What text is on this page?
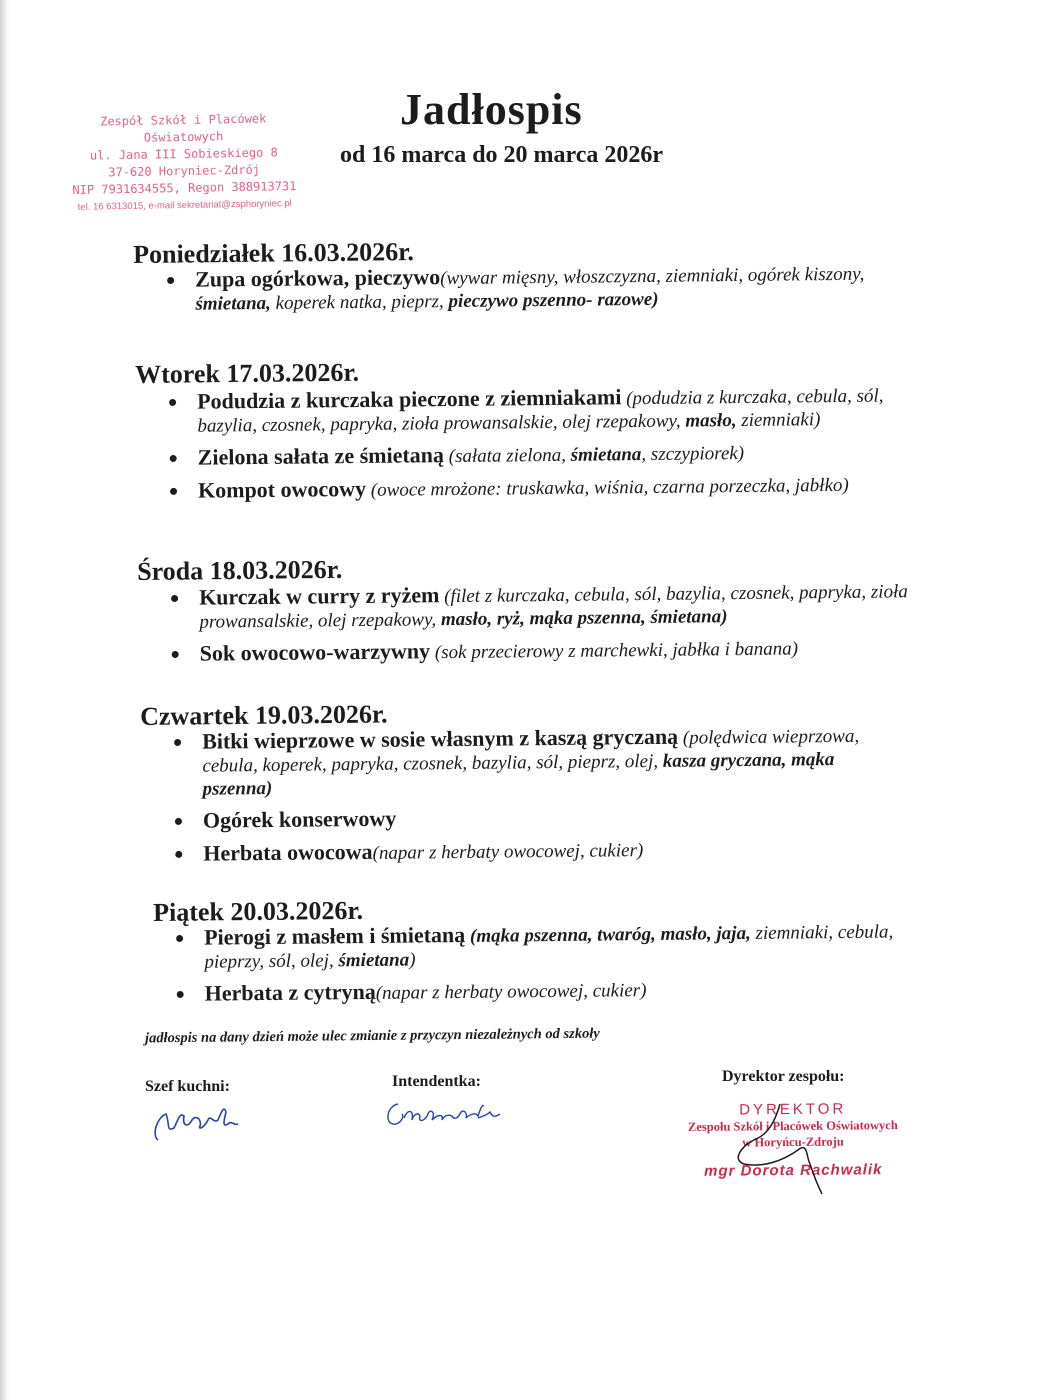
Zespół Szkół i Placówek Oświatowych
ul. Jana III Sobieskiego 8
37-620 Horyniec-Zdrój
NIP 7931634555, Regon 388913731
tel. 16 6313015, e-mail sekretariat@zsphoryniec.pl
Jadłospis
od 16 marca do 20 marca 2026r
Poniedziałek 16.03.2026r.
Zupa ogórkowa, pieczywo(wywar mięsny, włoszczyzna, ziemniaki, ogórek kiszony, śmietana, koperek natka, pieprz, pieczywo pszenno- razowe)
Wtorek 17.03.2026r.
Podudzia z kurczaka pieczone z ziemniakami (podudzia z kurczaka, cebula, sól, bazylia, czosnek, papryka, zioła prowansalskie, olej rzepakowy, masło, ziemniaki)
Zielona sałata ze śmietaną (sałata zielona, śmietana, szczypiorek)
Kompot owocowy (owoce mrożone: truskawka, wiśnia, czarna porzeczka, jabłko)
Środa 18.03.2026r.
Kurczak w curry z ryżem (filet z kurczaka, cebula, sól, bazylia, czosnek, papryka, zioła prowansalskie, olej rzepakowy, masło, ryż, mąka pszenna, śmietana)
Sok owocowo-warzywny (sok przecierowy z marchewki, jabłka i banana)
Czwartek 19.03.2026r.
Bitki wieprzowe w sosie własnym z kaszą gryczaną (polędwica wieprzowa, cebula, koperek, papryka, czosnek, bazylia, sól, pieprz, olej, kasza gryczana, mąka pszenna)
Ogórek konserwowy
Herbata owocowa(napar z herbaty owocowej, cukier)
Piątek 20.03.2026r.
Pierogi z masłem i śmietaną (mąka pszenna, twaróg, masło, jaja, ziemniaki, cebula, pieprzy, sól, olej, śmietana)
Herbata z cytryną(napar z herbaty owocowej, cukier)
jadłospis na dany dzień może ulec zmianie z przyczyn niezależnych od szkoły
Szef kuchni:	Intendentka:	Dyrektor zespołu:
DYREKTOR
Zespołu Szkół i Placówek Oświatowych
w Horyńcu-Zdroju
mgr Dorota Rachwalik
